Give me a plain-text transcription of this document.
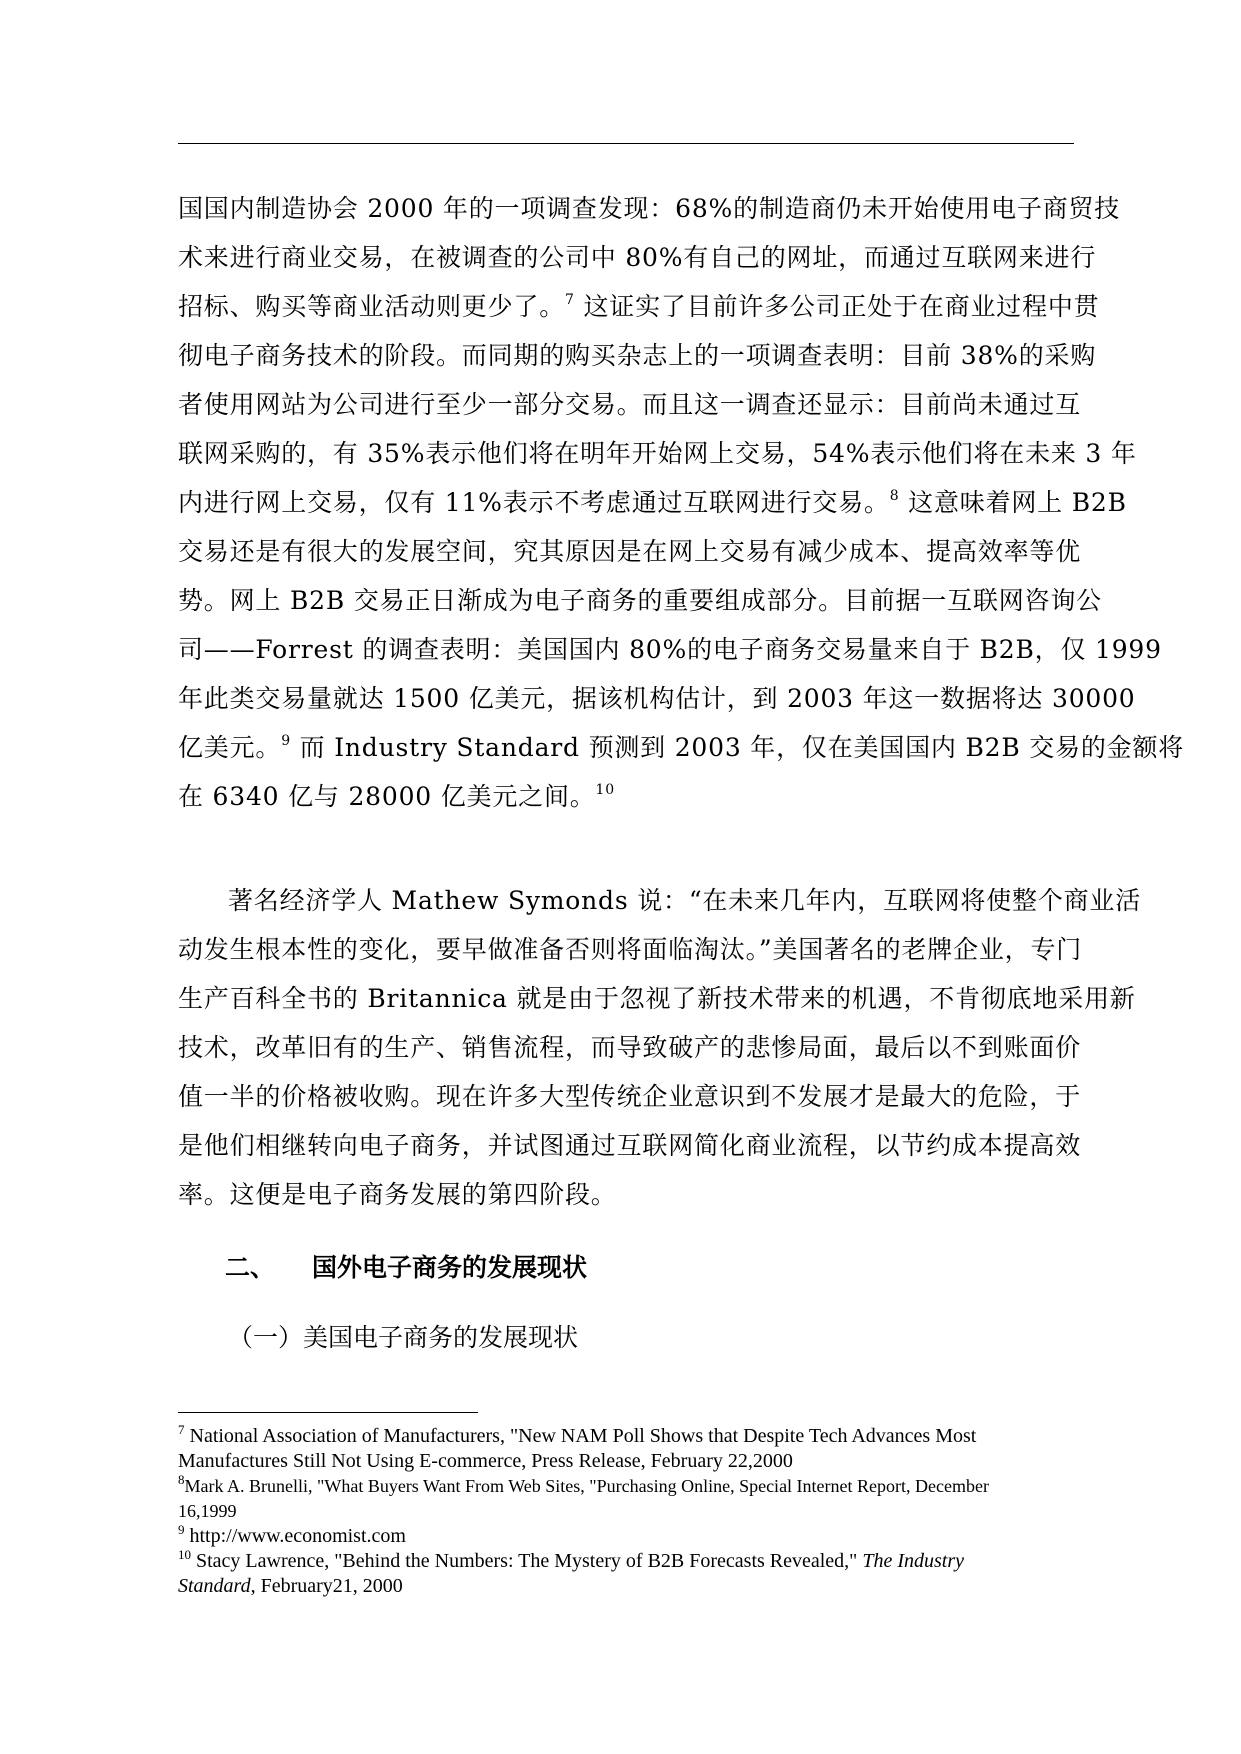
国国内制造协会 2000 年的一项调查发现：68%的制造商仍未开始使用电子商贸技
术来进行商业交易，在被调查的公司中 80%有自己的网址，而通过互联网来进行
招标、购买等商业活动则更少了。$^7$ 这证实了目前许多公司正处于在商业过程中贯
彻电子商务技术的阶段。而同期的购买杂志上的一项调查表明：目前 38%的采购
者使用网站为公司进行至少一部分交易。而且这一调查还显示：目前尚未通过互
联网采购的，有 35%表示他们将在明年开始网上交易，54%表示他们将在未来 3 年
内进行网上交易，仅有 11%表示不考虑通过互联网进行交易。$^8$ 这意味着网上 B2B
交易还是有很大的发展空间，究其原因是在网上交易有减少成本、提高效率等优
势。网上 B2B 交易正日渐成为电子商务的重要组成部分。目前据一互联网咨询公
司——Forrest 的调查表明：美国国内 80%的电子商务交易量来自于 B2B，仅 1999
年此类交易量就达 1500 亿美元，据该机构估计，到 2003 年这一数据将达 30000
亿美元。$^9$ 而 Industry Standard 预测到 2003 年，仅在美国国内 B2B 交易的金额将
在 6340 亿与 28000 亿美元之间。$^{10}$
著名经济学人 Mathew Symonds 说：“在未来几年内，互联网将使整个商业活
动发生根本性的变化，要早做准备否则将面临淘汰。”美国著名的老牌企业，专门
生产百科全书的 Britannica 就是由于忽视了新技术带来的机遇，不肯彻底地采用新
技术，改革旧有的生产、销售流程，而导致破产的悲惨局面，最后以不到账面价
值一半的价格被收购。现在许多大型传统企业意识到不发展才是最大的危险，于
是他们相继转向电子商务，并试图通过互联网简化商业流程，以节约成本提高效
率。这便是电子商务发展的第四阶段。
二、 国外电子商务的发展现状
（一）美国电子商务的发展现状
$^7$ National Association of Manufacturers, "New NAM Poll Shows that Despite Tech Advances Most
Manufactures Still Not Using E-commerce, Press Release, February 22,2000
$^8$Mark A. Brunelli, "What Buyers Want From Web Sites, "Purchasing Online, Special Internet Report, December
16,1999
$^9$ http://www.economist.com
$^{10}$ Stacy Lawrence, "Behind the Numbers: The Mystery of B2B Forecasts Revealed," The Industry
Standard, February21, 2000
